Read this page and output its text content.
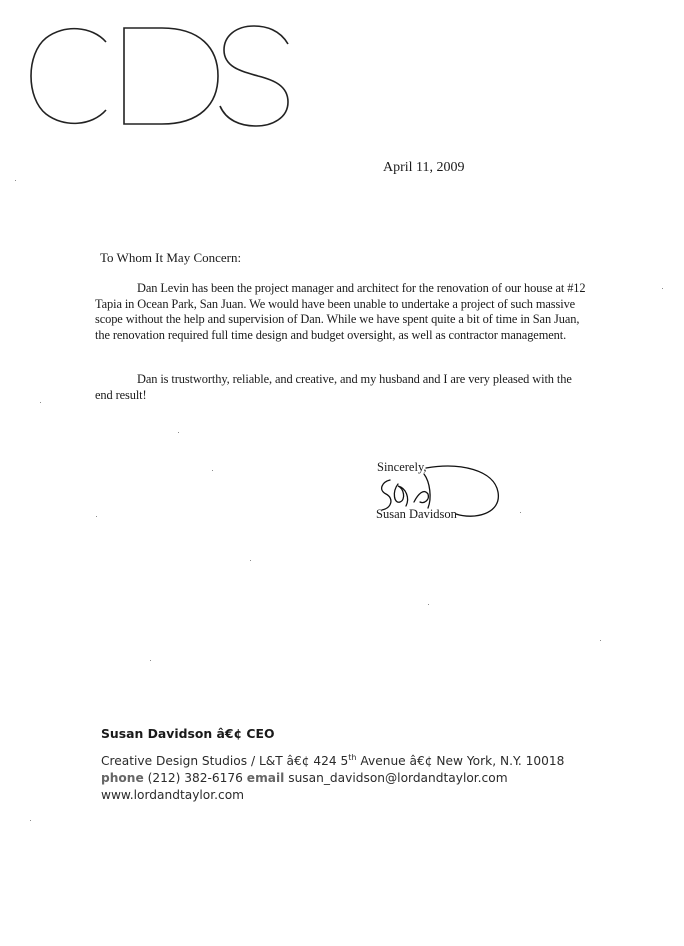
April 11, 2009
To Whom It May Concern:
Dan Levin has been the project manager and architect for the renovation of our house at #12 Tapia in Ocean Park, San Juan. We would have been unable to undertake a project of such massive scope without the help and supervision of Dan. While we have spent quite a bit of time in San Juan, the renovation required full time design and budget oversight, as well as contractor management.
Dan is trustworthy, reliable, and creative, and my husband and I are very pleased with the end result!
Sincerely,
Susan Davidson
Susan Davidson â€¢ CEO
Creative Design Studios / L&T â€¢ 424 5th Avenue â€¢ New York, N.Y. 10018
phone (212) 382-6176 email susan_davidson@lordandtaylor.com
www.lordandtaylor.com
